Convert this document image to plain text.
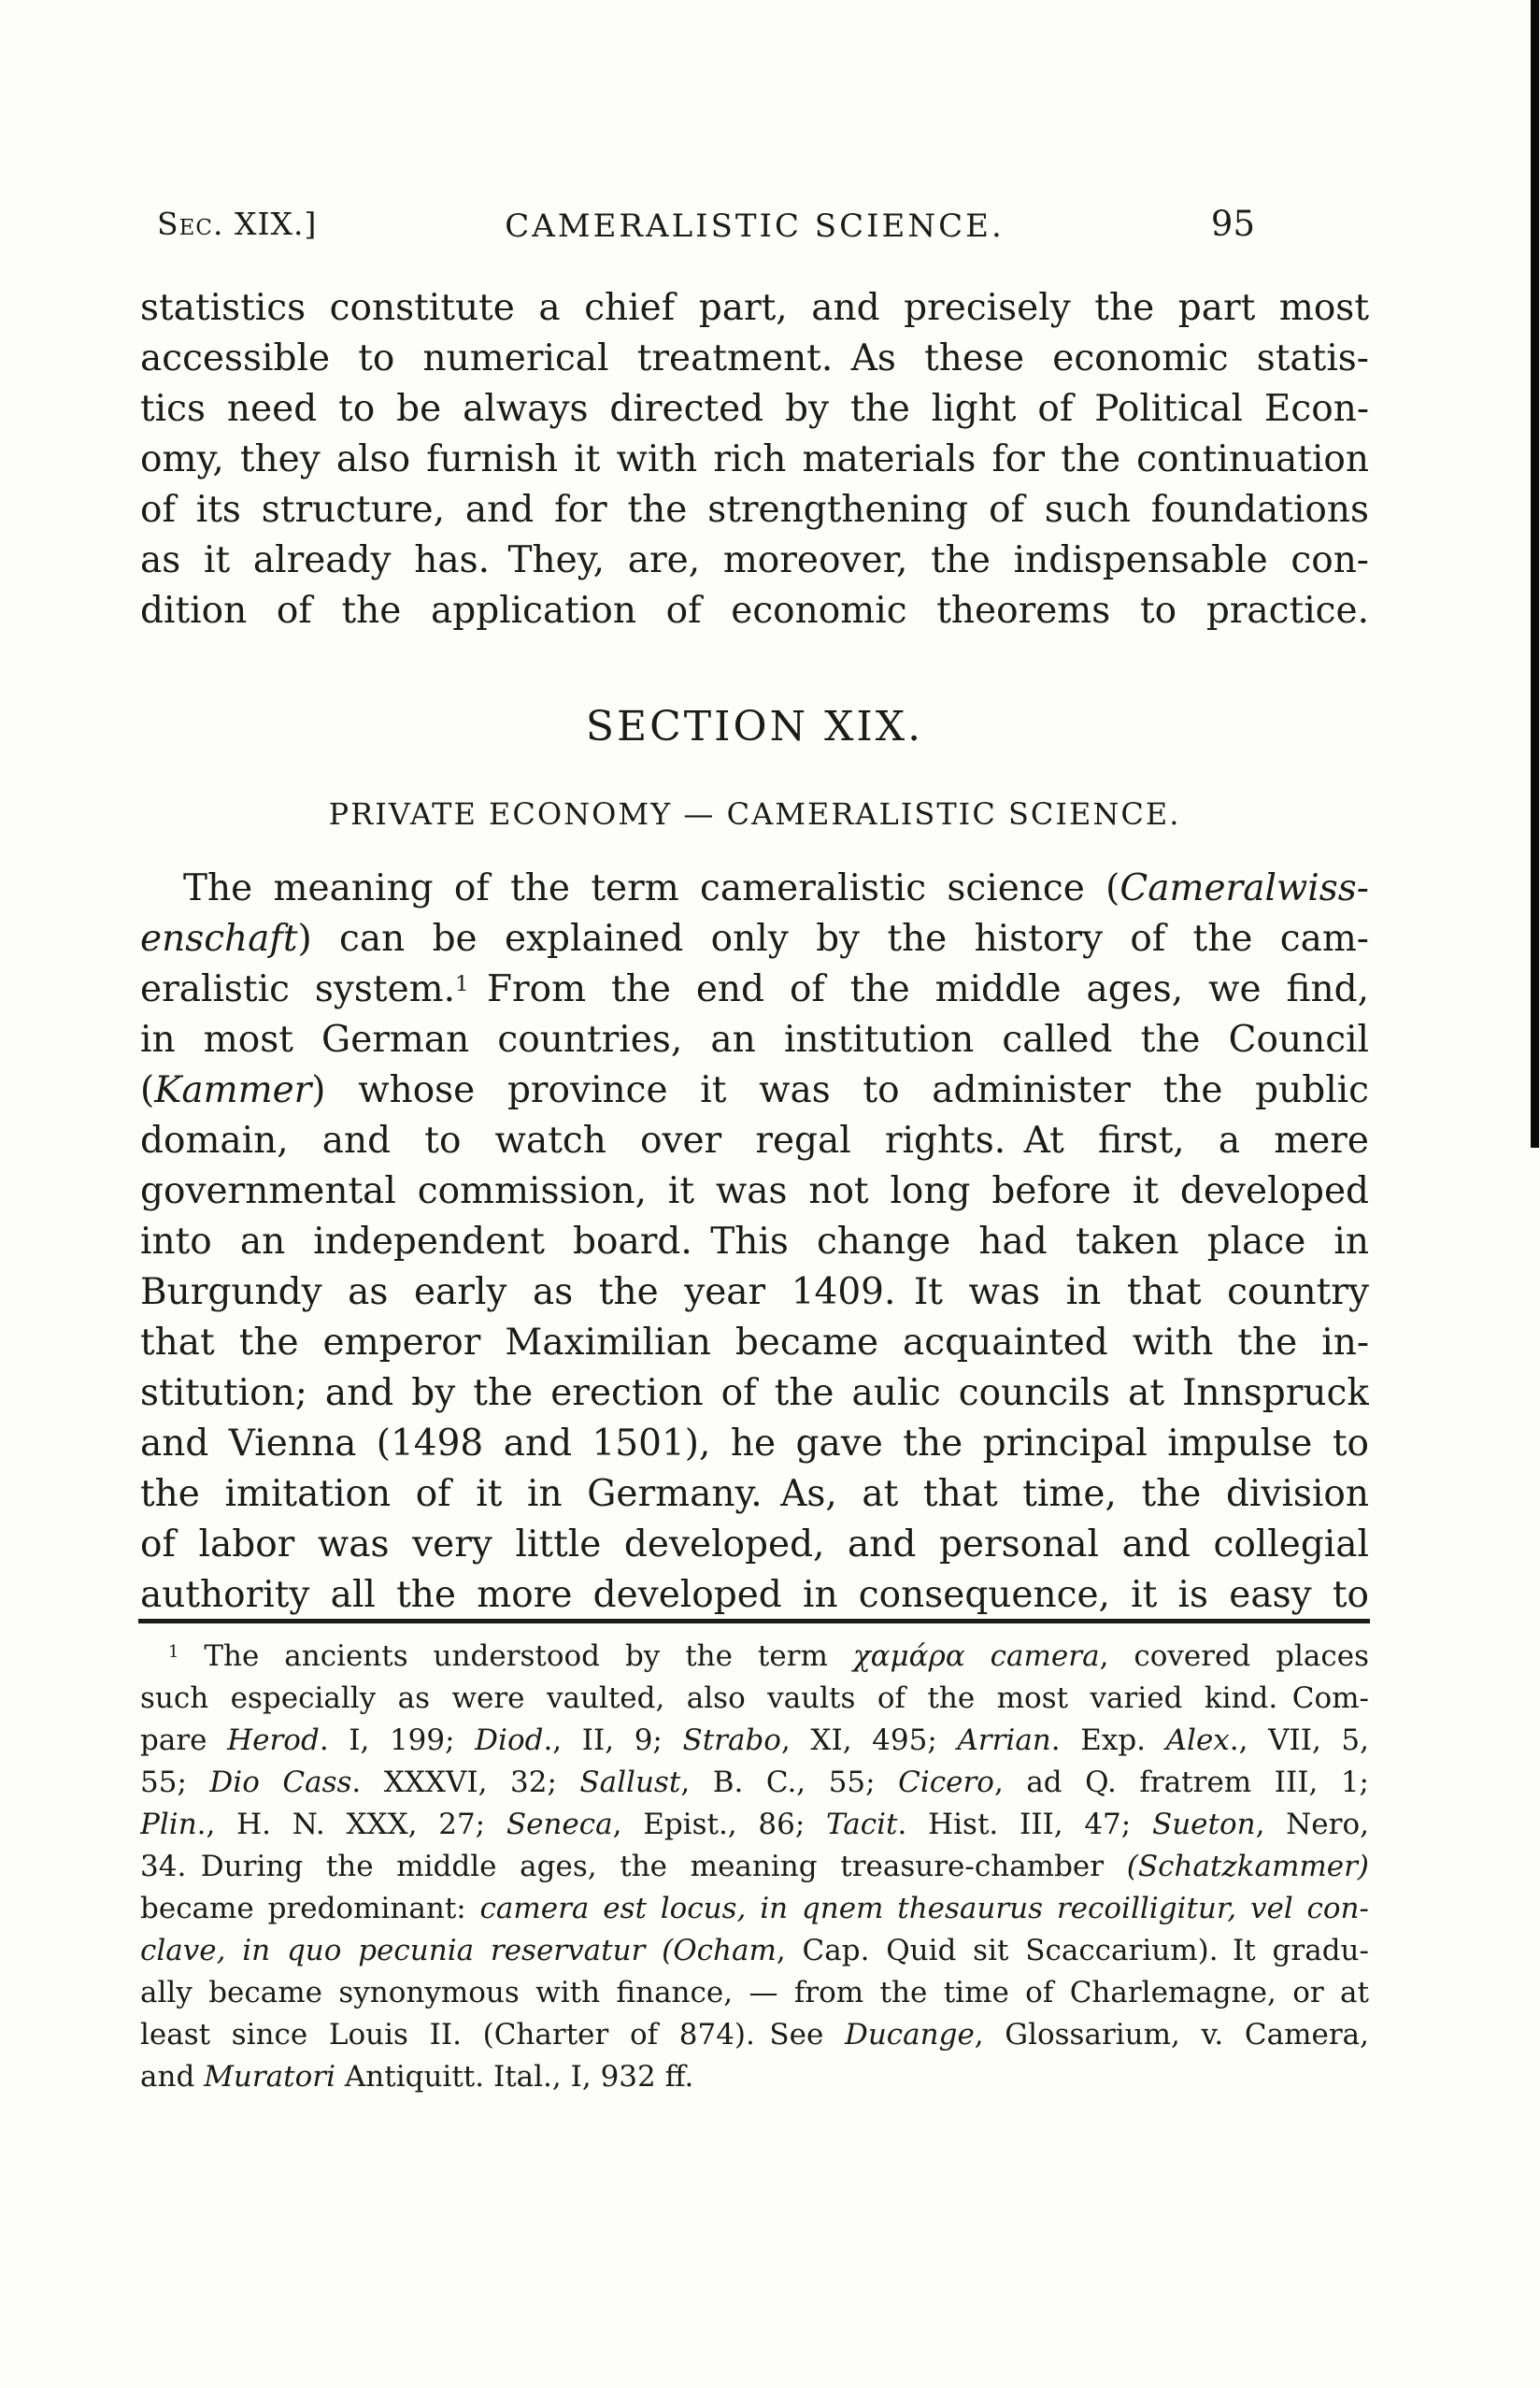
Sec. XIX.]	CAMERALISTIC SCIENCE.	95
statistics constitute a chief part, and precisely the part most
accessible to numerical treatment. As these economic statis-
tics need to be always directed by the light of Political Econ-
omy, they also furnish it with rich materials for the continuation
of its structure, and for the strengthening of such foundations
as it already has. They, are, moreover, the indispensable con-
dition of the application of economic theorems to practice.
SECTION XIX.
PRIVATE ECONOMY — CAMERALISTIC SCIENCE.
The meaning of the term cameralistic science (Cameralwiss-
enschaft) can be explained only by the history of the cam-
eralistic system.$^1$ From the end of the middle ages, we find,
in most German countries, an institution called the Council
(Kammer) whose province it was to administer the public
domain, and to watch over regal rights. At first, a mere
governmental commission, it was not long before it developed
into an independent board. This change had taken place in
Burgundy as early as the year 1409. It was in that country
that the emperor Maximilian became acquainted with the in-
stitution; and by the erection of the aulic councils at Innspruck
and Vienna (1498 and 1501), he gave the principal impulse to
the imitation of it in Germany. As, at that time, the division
of labor was very little developed, and personal and collegial
authority all the more developed in consequence, it is easy to
$^1$ The ancients understood by the term χαμάρα camera, covered places
such especially as were vaulted, also vaults of the most varied kind. Com-
pare Herod. I, 199; Diod., II, 9; Strabo, XI, 495; Arrian. Exp. Alex., VII, 5,
55; Dio Cass. XXXVI, 32; Sallust, B. C., 55; Cicero, ad Q. fratrem III, 1;
Plin., H. N. XXX, 27; Seneca, Epist., 86; Tacit. Hist. III, 47; Sueton, Nero,
34. During the middle ages, the meaning treasure-chamber (Schatzkammer)
became predominant: camera est locus, in qnem thesaurus recoilligitur, vel con-
clave, in quo pecunia reservatur (Ocham, Cap. Quid sit Scaccarium). It gradu-
ally became synonymous with finance, — from the time of Charlemagne, or at
least since Louis II. (Charter of 874). See Ducange, Glossarium, v. Camera,
and Muratori Antiquitt. Ital., I, 932 ff.
